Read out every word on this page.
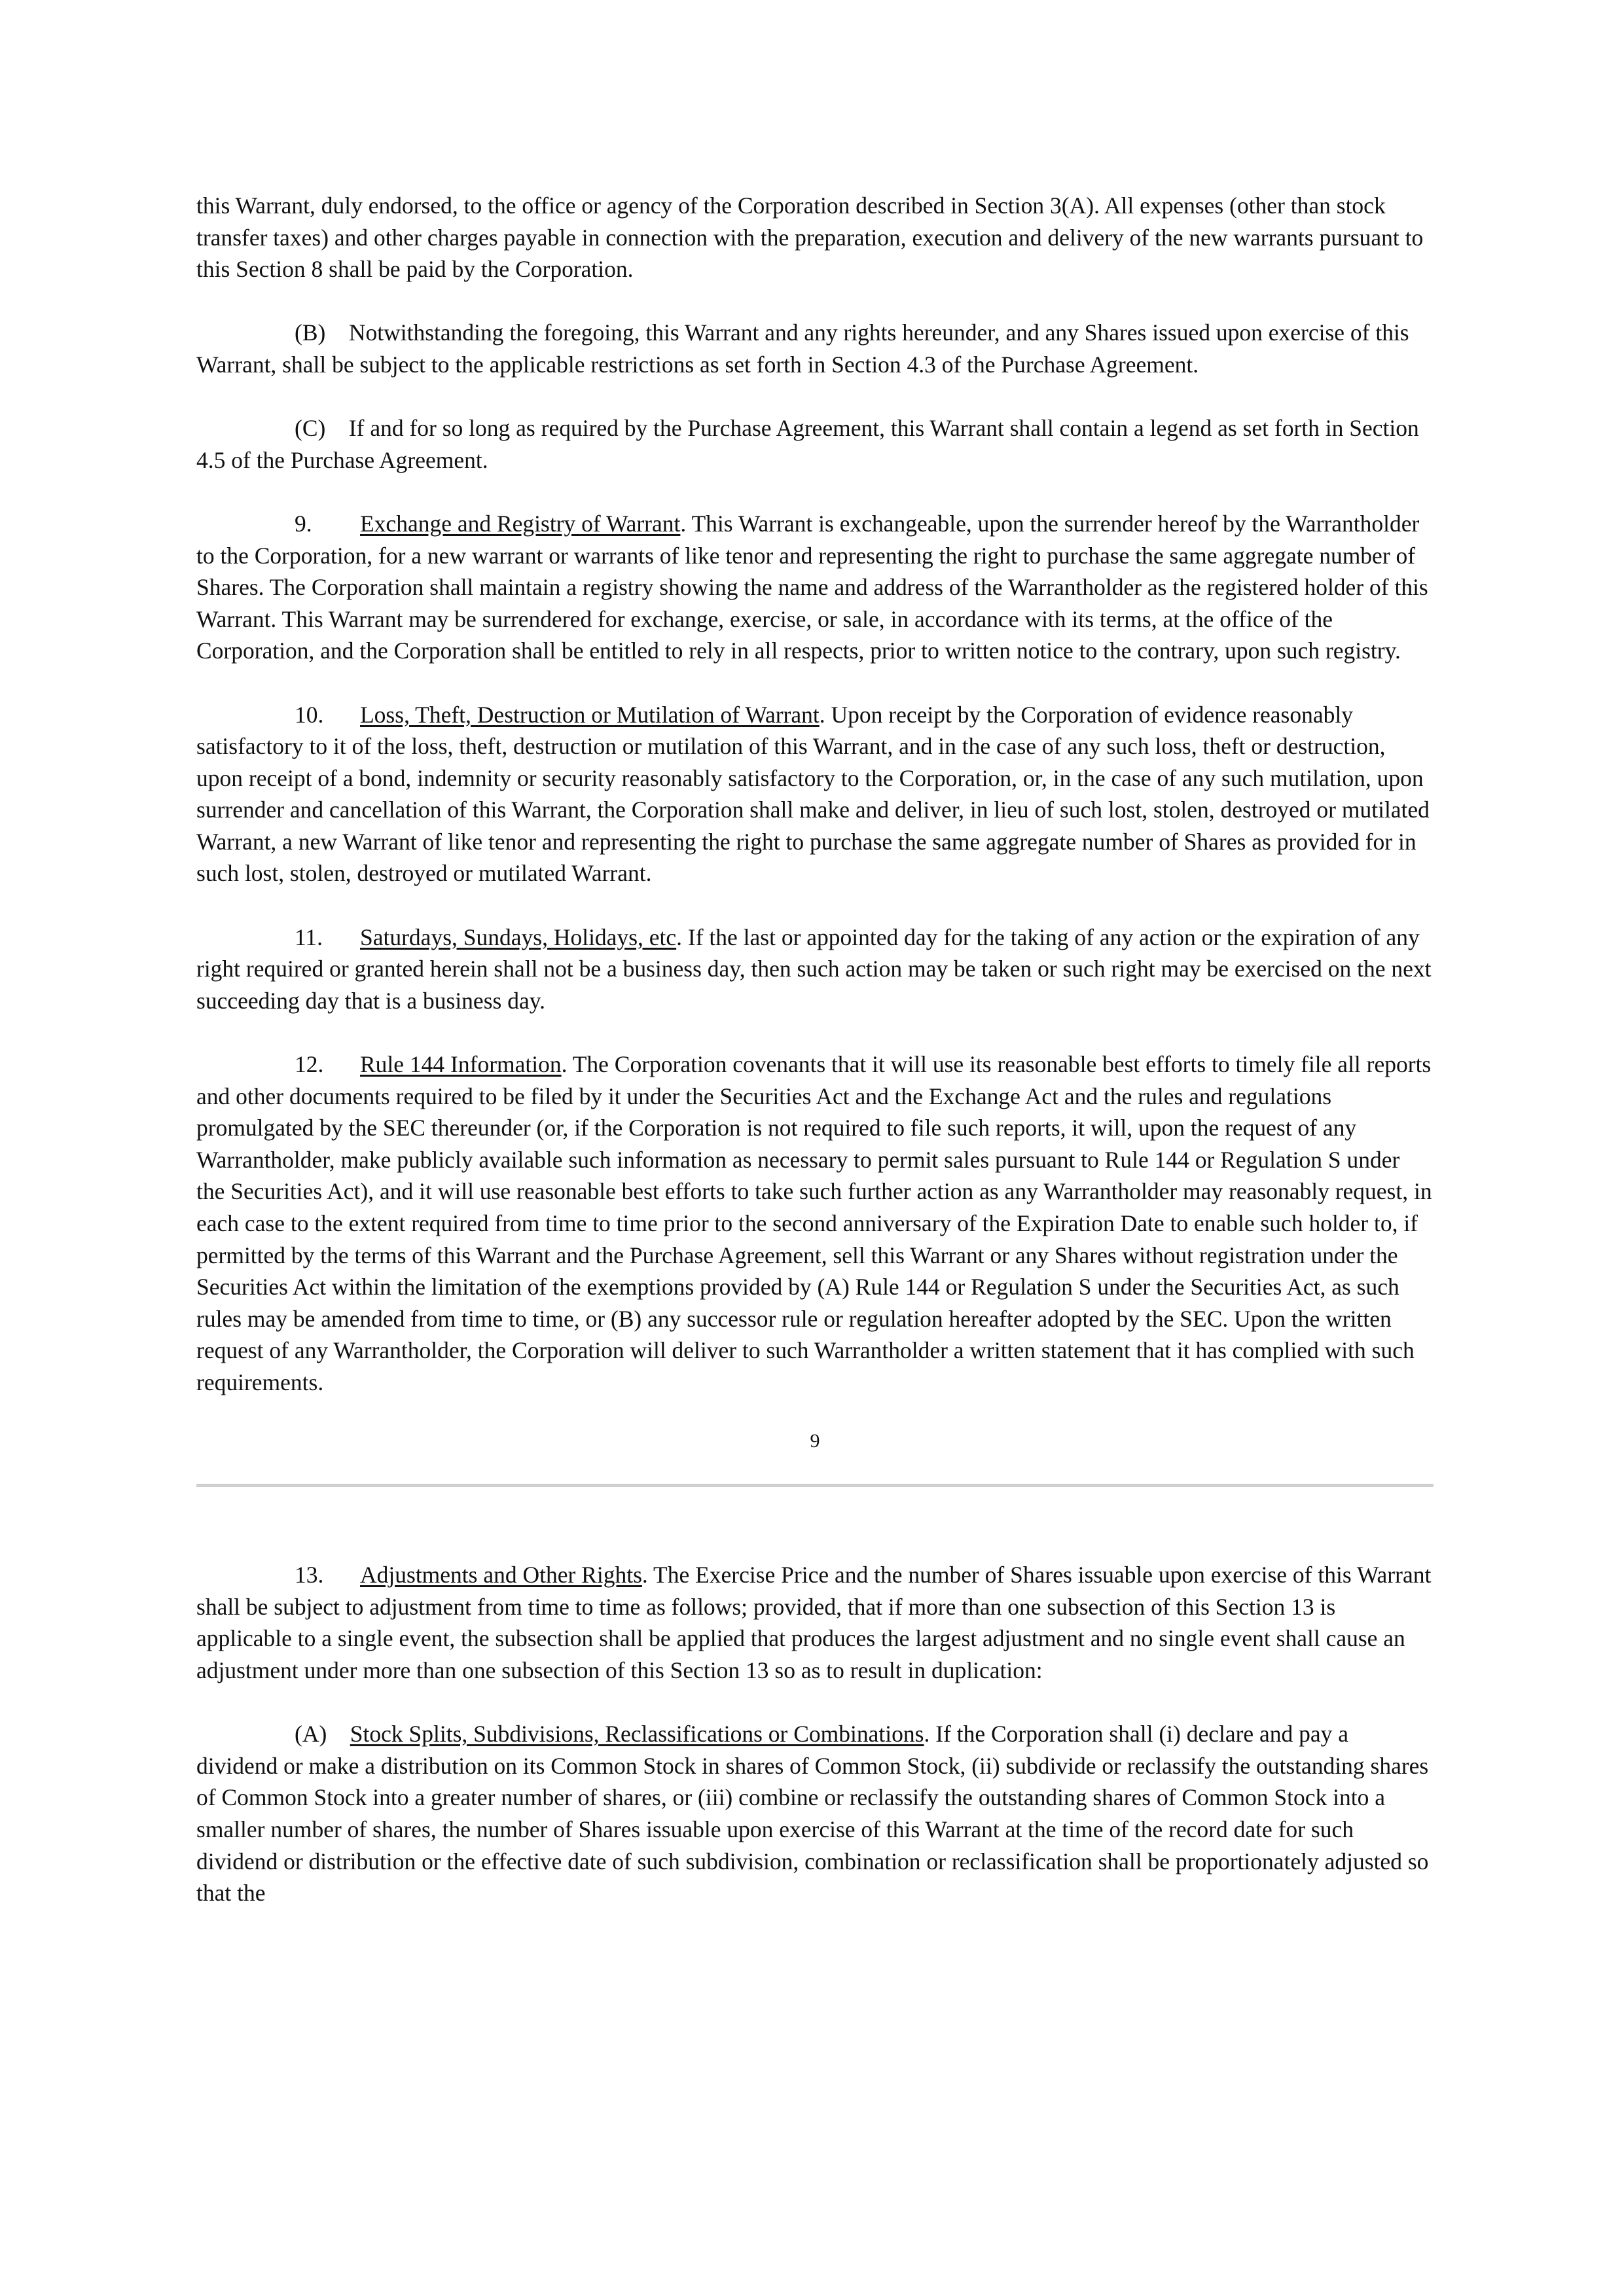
this Warrant, duly endorsed, to the office or agency of the Corporation described in Section 3(A). All expenses (other than stock transfer taxes) and other charges payable in connection with the preparation, execution and delivery of the new warrants pursuant to this Section 8 shall be paid by the Corporation.

(B) Notwithstanding the foregoing, this Warrant and any rights hereunder, and any Shares issued upon exercise of this Warrant, shall be subject to the applicable restrictions as set forth in Section 4.3 of the Purchase Agreement.

(C) If and for so long as required by the Purchase Agreement, this Warrant shall contain a legend as set forth in Section 4.5 of the Purchase Agreement.

9. Exchange and Registry of Warrant. This Warrant is exchangeable, upon the surrender hereof by the Warrantholder to the Corporation, for a new warrant or warrants of like tenor and representing the right to purchase the same aggregate number of Shares. The Corporation shall maintain a registry showing the name and address of the Warrantholder as the registered holder of this Warrant. This Warrant may be surrendered for exchange, exercise, or sale, in accordance with its terms, at the office of the Corporation, and the Corporation shall be entitled to rely in all respects, prior to written notice to the contrary, upon such registry.

10. Loss, Theft, Destruction or Mutilation of Warrant. Upon receipt by the Corporation of evidence reasonably satisfactory to it of the loss, theft, destruction or mutilation of this Warrant, and in the case of any such loss, theft or destruction, upon receipt of a bond, indemnity or security reasonably satisfactory to the Corporation, or, in the case of any such mutilation, upon surrender and cancellation of this Warrant, the Corporation shall make and deliver, in lieu of such lost, stolen, destroyed or mutilated Warrant, a new Warrant of like tenor and representing the right to purchase the same aggregate number of Shares as provided for in such lost, stolen, destroyed or mutilated Warrant.

11. Saturdays, Sundays, Holidays, etc. If the last or appointed day for the taking of any action or the expiration of any right required or granted herein shall not be a business day, then such action may be taken or such right may be exercised on the next succeeding day that is a business day.

12. Rule 144 Information. The Corporation covenants that it will use its reasonable best efforts to timely file all reports and other documents required to be filed by it under the Securities Act and the Exchange Act and the rules and regulations promulgated by the SEC thereunder (or, if the Corporation is not required to file such reports, it will, upon the request of any Warrantholder, make publicly available such information as necessary to permit sales pursuant to Rule 144 or Regulation S under the Securities Act), and it will use reasonable best efforts to take such further action as any Warrantholder may reasonably request, in each case to the extent required from time to time prior to the second anniversary of the Expiration Date to enable such holder to, if permitted by the terms of this Warrant and the Purchase Agreement, sell this Warrant or any Shares without registration under the Securities Act within the limitation of the exemptions provided by (A) Rule 144 or Regulation S under the Securities Act, as such rules may be amended from time to time, or (B) any successor rule or regulation hereafter adopted by the SEC. Upon the written request of any Warrantholder, the Corporation will deliver to such Warrantholder a written statement that it has complied with such requirements.

9

13. Adjustments and Other Rights. The Exercise Price and the number of Shares issuable upon exercise of this Warrant shall be subject to adjustment from time to time as follows; provided, that if more than one subsection of this Section 13 is applicable to a single event, the subsection shall be applied that produces the largest adjustment and no single event shall cause an adjustment under more than one subsection of this Section 13 so as to result in duplication:

(A) Stock Splits, Subdivisions, Reclassifications or Combinations. If the Corporation shall (i) declare and pay a dividend or make a distribution on its Common Stock in shares of Common Stock, (ii) subdivide or reclassify the outstanding shares of Common Stock into a greater number of shares, or (iii) combine or reclassify the outstanding shares of Common Stock into a smaller number of shares, the number of Shares issuable upon exercise of this Warrant at the time of the record date for such dividend or distribution or the effective date of such subdivision, combination or reclassification shall be proportionately adjusted so that the
